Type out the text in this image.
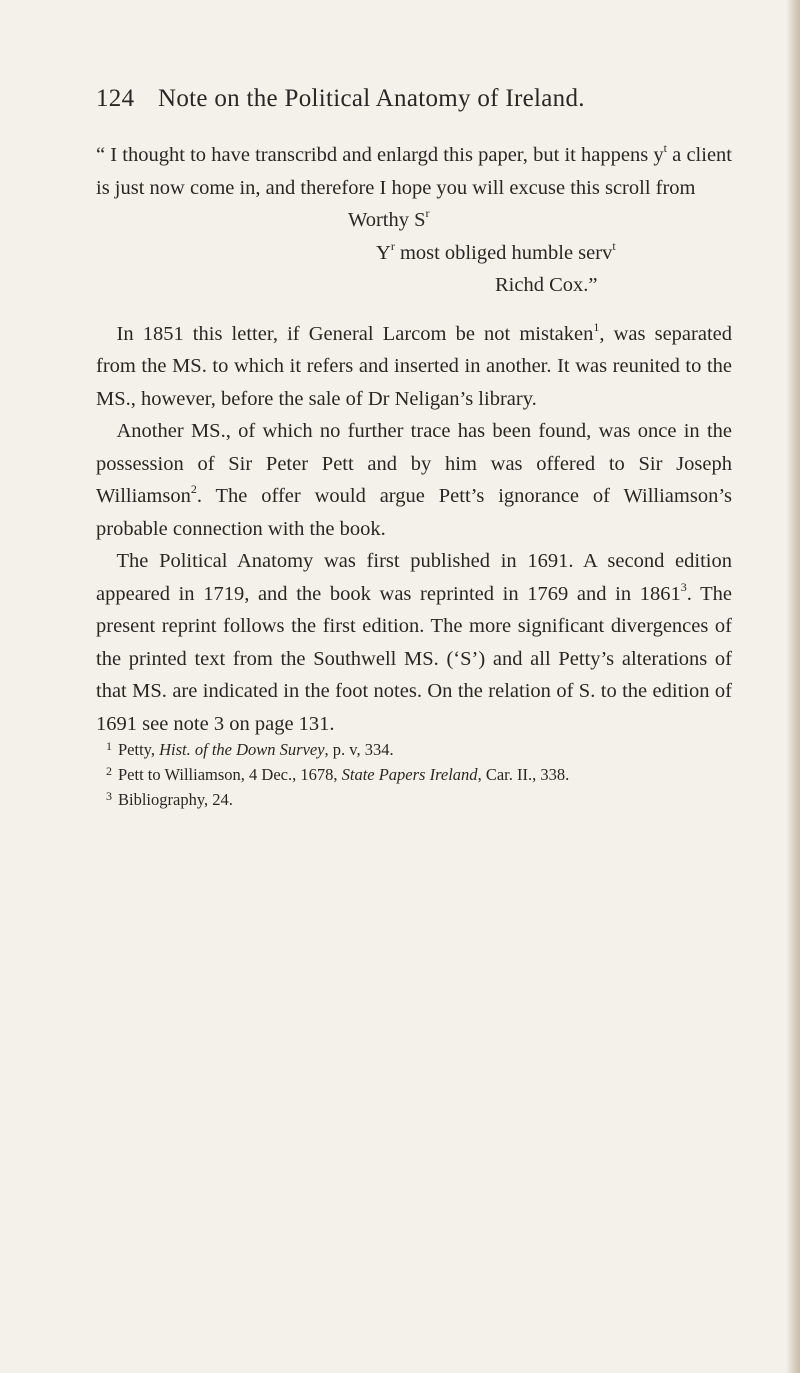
124 Note on the Political Anatomy of Ireland.

“ I thought to have transcribd and enlargd this paper, but it happens $y^t$ a client is just now come in, and therefore I hope you will excuse this scroll from

Worthy $S^r$

$Y^r$ most obliged humble serv$^t$

Richd Cox.”

 In 1851 this letter, if General Larcom be not mistaken$^1$, was separated from the MS. to which it refers and inserted in another. It was reunited to the MS., however, before the sale of Dr Neligan’s library.

 Another MS., of which no further trace has been found, was once in the possession of Sir Peter Pett and by him was offered to Sir Joseph Williamson$^2$. The offer would argue Pett’s ignorance of Williamson’s probable connection with the book.

 The Political Anatomy was first published in 1691. A second edition appeared in 1719, and the book was reprinted in 1769 and in 1861$^3$. The present reprint follows the first edition. The more significant divergences of the printed text from the Southwell MS. (‘S’) and all Petty’s alterations of that MS. are indicated in the foot notes. On the relation of S. to the edition of 1691 see note 3 on page 131.

$^1$ Petty, Hist. of the Down Survey, p. v, 334.

$^2$ Pett to Williamson, 4 Dec., 1678, State Papers Ireland, Car. II., 338.

$^3$ Bibliography, 24.
